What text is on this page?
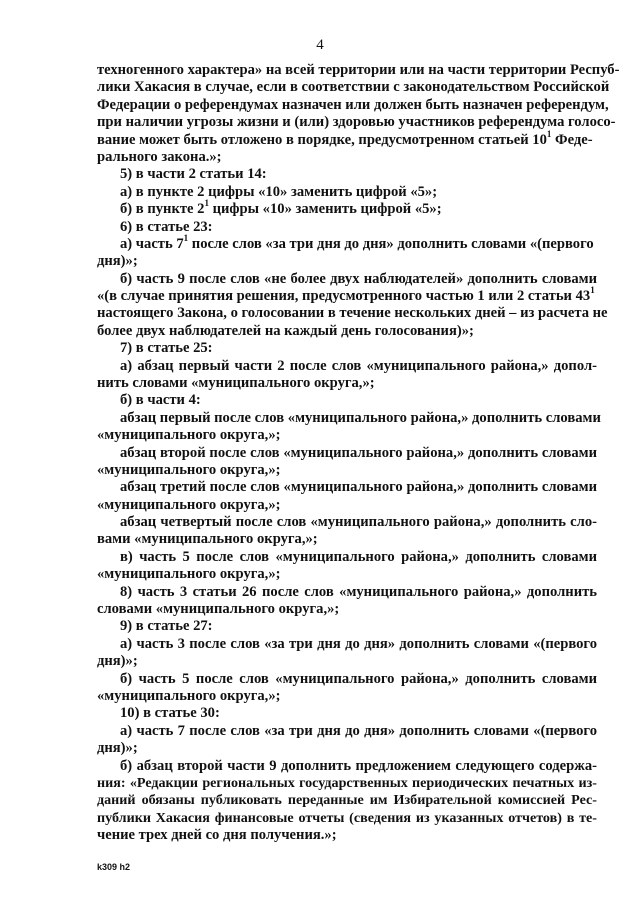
4
техногенного характера» на всей территории или на части территории Респуб-
лики Хакасия в случае, если в соответствии с законодательством Российской
Федерации о референдумах назначен или должен быть назначен референдум,
при наличии угрозы жизни и (или) здоровью участников референдума голосо-
вание может быть отложено в порядке, предусмотренном статьей $10^1$ Феде-
рального закона.»;
5) в части 2 статьи 14:
а) в пункте 2 цифры «10» заменить цифрой «5»;
б) в пункте $2^1$ цифры «10» заменить цифрой «5»;
6) в статье 23:
а) часть $7^1$ после слов «за три дня до дня» дополнить словами «(первого
дня)»;
б) часть 9 после слов «не более двух наблюдателей» дополнить словами
«(в случае принятия решения, предусмотренного частью 1 или 2 статьи $43^1$
настоящего Закона, о голосовании в течение нескольких дней – из расчета не
более двух наблюдателей на каждый день голосования)»;
7) в статье 25:
а) абзац первый части 2 после слов «муниципального района,» допол-
нить словами «муниципального округа,»;
б) в части 4:
абзац первый после слов «муниципального района,» дополнить словами
«муниципального округа,»;
абзац второй после слов «муниципального района,» дополнить словами
«муниципального округа,»;
абзац третий после слов «муниципального района,» дополнить словами
«муниципального округа,»;
абзац четвертый после слов «муниципального района,» дополнить сло-
вами «муниципального округа,»;
в) часть 5 после слов «муниципального района,» дополнить словами
«муниципального округа,»;
8) часть 3 статьи 26 после слов «муниципального района,» дополнить
словами «муниципального округа,»;
9) в статье 27:
а) часть 3 после слов «за три дня до дня» дополнить словами «(первого
дня)»;
б) часть 5 после слов «муниципального района,» дополнить словами
«муниципального округа,»;
10) в статье 30:
а) часть 7 после слов «за три дня до дня» дополнить словами «(первого
дня)»;
б) абзац второй части 9 дополнить предложением следующего содержа-
ния: «Редакции региональных государственных периодических печатных из-
даний обязаны публиковать переданные им Избирательной комиссией Рес-
публики Хакасия финансовые отчеты (сведения из указанных отчетов) в те-
чение трех дней со дня получения.»;
k309 h2
